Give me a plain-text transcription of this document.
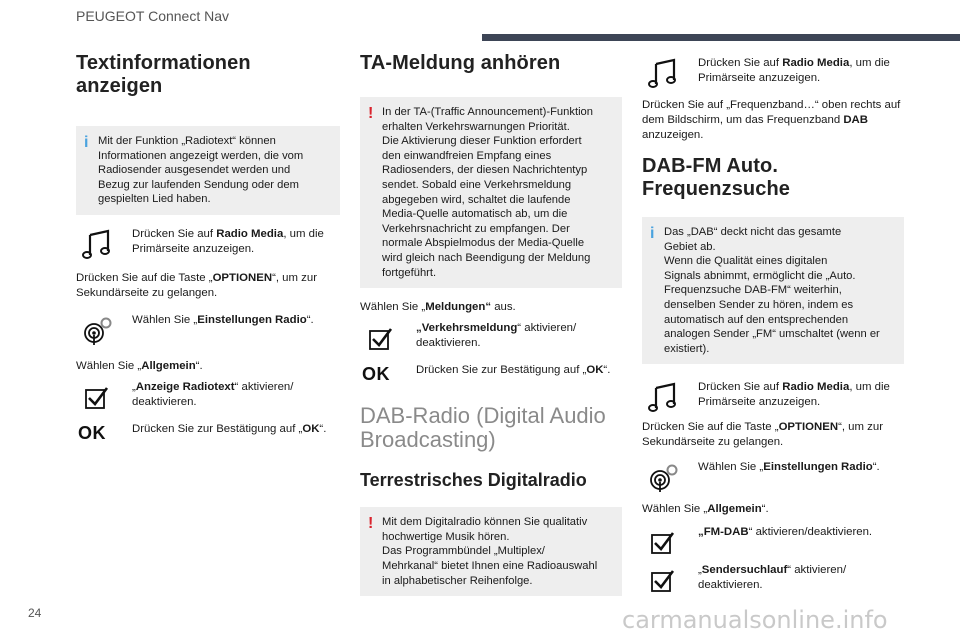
PEUGEOT Connect Nav
Textinformationen anzeigen
i Mit der Funktion „Radiotext“ können
Informationen angezeigt werden, die vom
Radiosender ausgesendet werden und
Bezug zur laufenden Sendung oder dem
gespielten Lied haben.

Drücken Sie auf Radio Media, um die Primärseite anzuzeigen.

Drücken Sie auf die Taste „OPTIONEN“, um zur Sekundärseite zu gelangen.

Wählen Sie „Einstellungen Radio“.

Wählen Sie „Allgemein“.

„Anzeige Radiotext“ aktivieren/ deaktivieren.
OK	Drücken Sie zur Bestätigung auf „OK“.
TA-Meldung anhören
! In der TA-(Traffic Announcement)-Funktion
erhalten Verkehrswarnungen Priorität.
Die Aktivierung dieser Funktion erfordert
den einwandfreien Empfang eines
Radiosenders, der diesen Nachrichtentyp
sendet. Sobald eine Verkehrsmeldung
abgegeben wird, schaltet die laufende
Media-Quelle automatisch ab, um die
Verkehrsnachricht zu empfangen. Der
normale Abspielmodus der Media-Quelle
wird gleich nach Beendigung der Meldung
fortgeführt.

Wählen Sie „Meldungen“ aus.

„Verkehrsmeldung“ aktivieren/ deaktivieren.
OK	Drücken Sie zur Bestätigung auf „OK“.
DAB-Radio (Digital Audio Broadcasting)
Terrestrisches Digitalradio
! Mit dem Digitalradio können Sie qualitativ
hochwertige Musik hören.
Das Programmbündel „Multiplex/
Mehrkanal“ bietet Ihnen eine Radioauswahl
in alphabetischer Reihenfolge.

Drücken Sie auf Radio Media, um die Primärseite anzuzeigen.

Drücken Sie auf „Frequenzband…“ oben rechts auf dem Bildschirm, um das Frequenzband DAB anzuzeigen.

DAB-FM Auto. Frequenzsuche
i Das „DAB“ deckt nicht das gesamte
Gebiet ab.
Wenn die Qualität eines digitalen
Signals abnimmt, ermöglicht die „Auto.
Frequenzsuche DAB-FM“ weiterhin,
denselben Sender zu hören, indem es
automatisch auf den entsprechenden
analogen Sender „FM“ umschaltet (wenn er
existiert).

Drücken Sie auf Radio Media, um die Primärseite anzuzeigen.

Drücken Sie auf die Taste „OPTIONEN“, um zur Sekundärseite zu gelangen.

Wählen Sie „Einstellungen Radio“.

Wählen Sie „Allgemein“.

„FM-DAB“ aktivieren/deaktivieren.
„Sendersuchlauf“ aktivieren/ deaktivieren.
24	carmanualsonline.info
